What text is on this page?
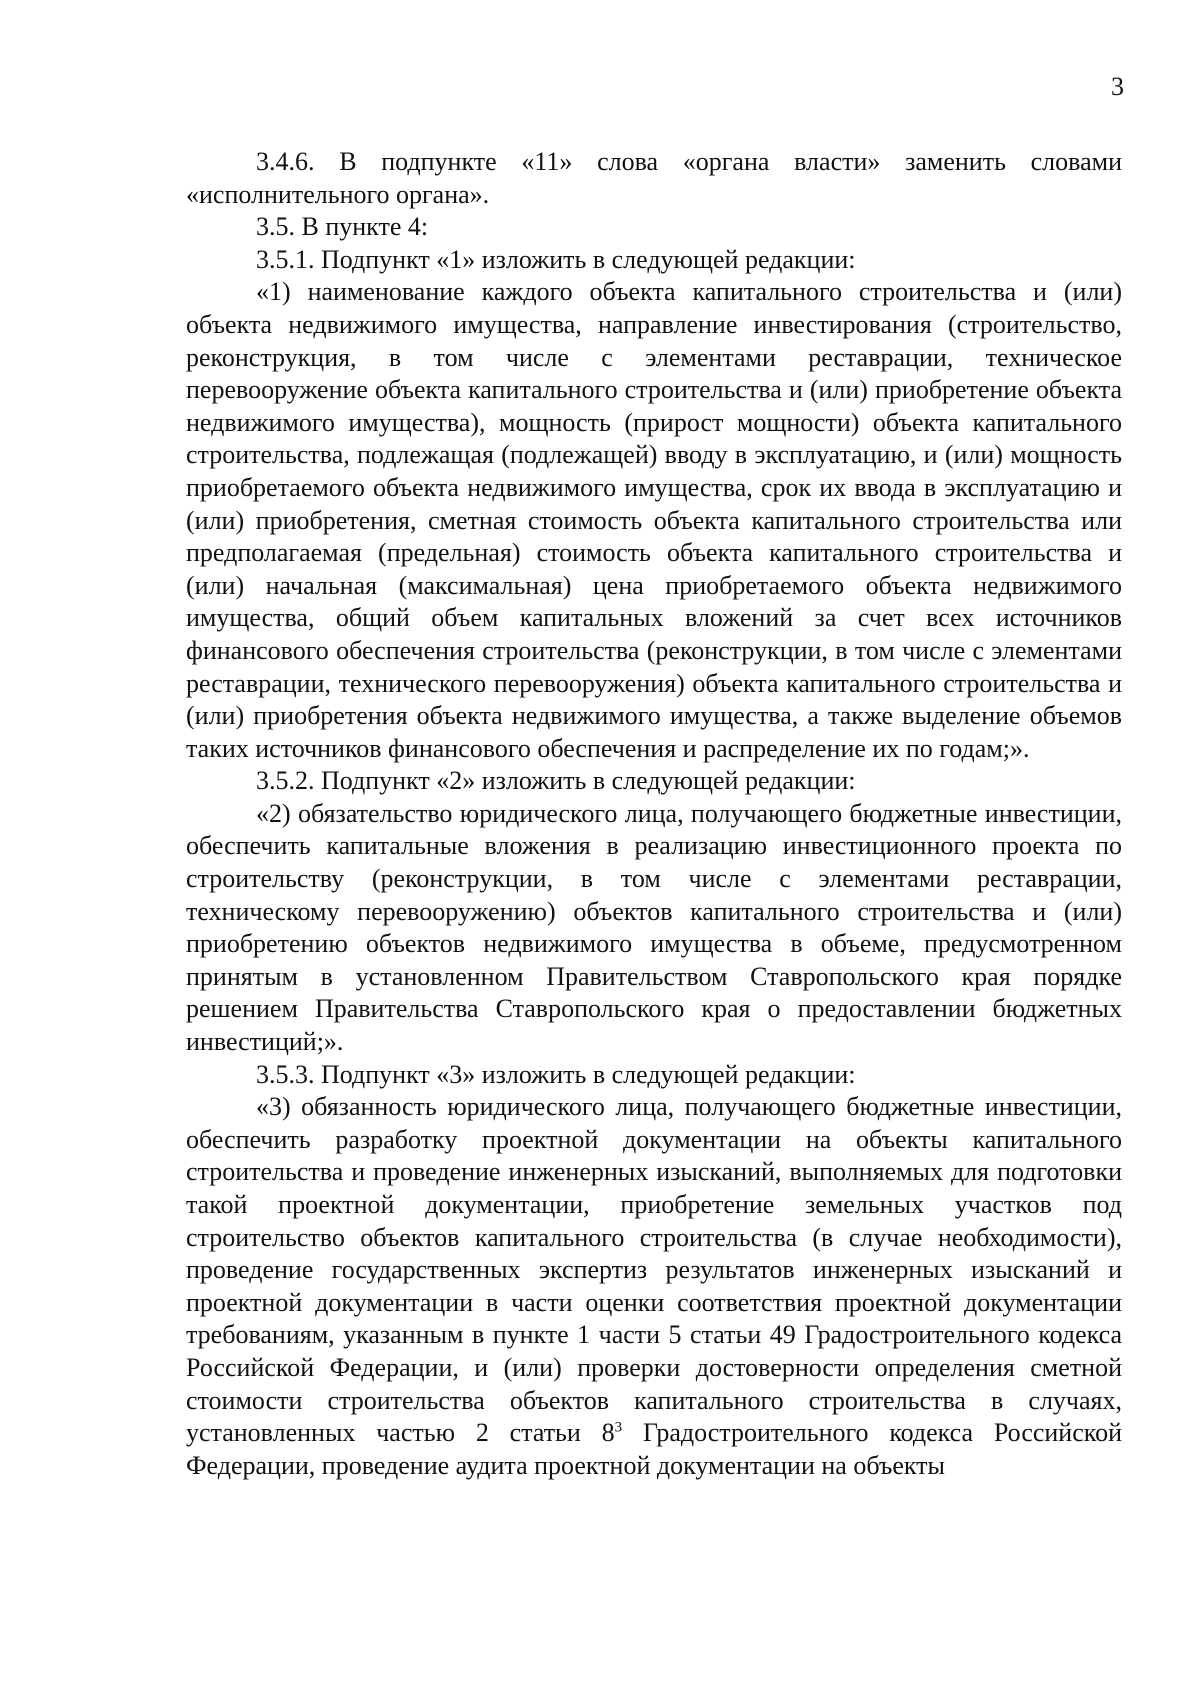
3

3.4.6. В подпункте «11» слова «органа власти» заменить словами «исполнительного органа».

3.5. В пункте 4:

3.5.1. Подпункт «1» изложить в следующей редакции:

«1) наименование каждого объекта капитального строительства и (или) объекта недвижимого имущества, направление инвестирования (строительство, реконструкция, в том числе с элементами реставрации, техническое перевооружение объекта капитального строительства и (или) приобретение объекта недвижимого имущества), мощность (прирост мощности) объекта капитального строительства, подлежащая (подлежащей) вводу в эксплуатацию, и (или) мощность приобретаемого объекта недвижимого имущества, срок их ввода в эксплуатацию и (или) приобретения, сметная стоимость объекта капитального строительства или предполагаемая (предельная) стоимость объекта капитального строительства и (или) начальная (максимальная) цена приобретаемого объекта недвижимого имущества, общий объем капитальных вложений за счет всех источников финансового обеспечения строительства (реконструкции, в том числе с элементами реставрации, технического перевооружения) объекта капитального строительства и (или) приобретения объекта недвижимого имущества, а также выделение объемов таких источников финансового обеспечения и распределение их по годам;».

3.5.2. Подпункт «2» изложить в следующей редакции:

«2) обязательство юридического лица, получающего бюджетные инвестиции, обеспечить капитальные вложения в реализацию инвестиционного проекта по строительству (реконструкции, в том числе с элементами реставрации, техническому перевооружению) объектов капитального строительства и (или) приобретению объектов недвижимого имущества в объеме, предусмотренном принятым в установленном Правительством Ставропольского края порядке решением Правительства Ставропольского края о предоставлении бюджетных инвестиций;».

3.5.3. Подпункт «3» изложить в следующей редакции:

«3) обязанность юридического лица, получающего бюджетные инвестиции, обеспечить разработку проектной документации на объекты капитального строительства и проведение инженерных изысканий, выполняемых для подготовки такой проектной документации, приобретение земельных участков под строительство объектов капитального строительства (в случае необходимости), проведение государственных экспертиз результатов инженерных изысканий и проектной документации в части оценки соответствия проектной документации требованиям, указанным в пункте 1 части 5 статьи 49 Градостроительного кодекса Российской Федерации, и (или) проверки достоверности определения сметной стоимости строительства объектов капитального строительства в случаях, установленных частью 2 статьи $8^3$ Градостроительного кодекса Российской Федерации, проведение аудита проектной документации на объекты
